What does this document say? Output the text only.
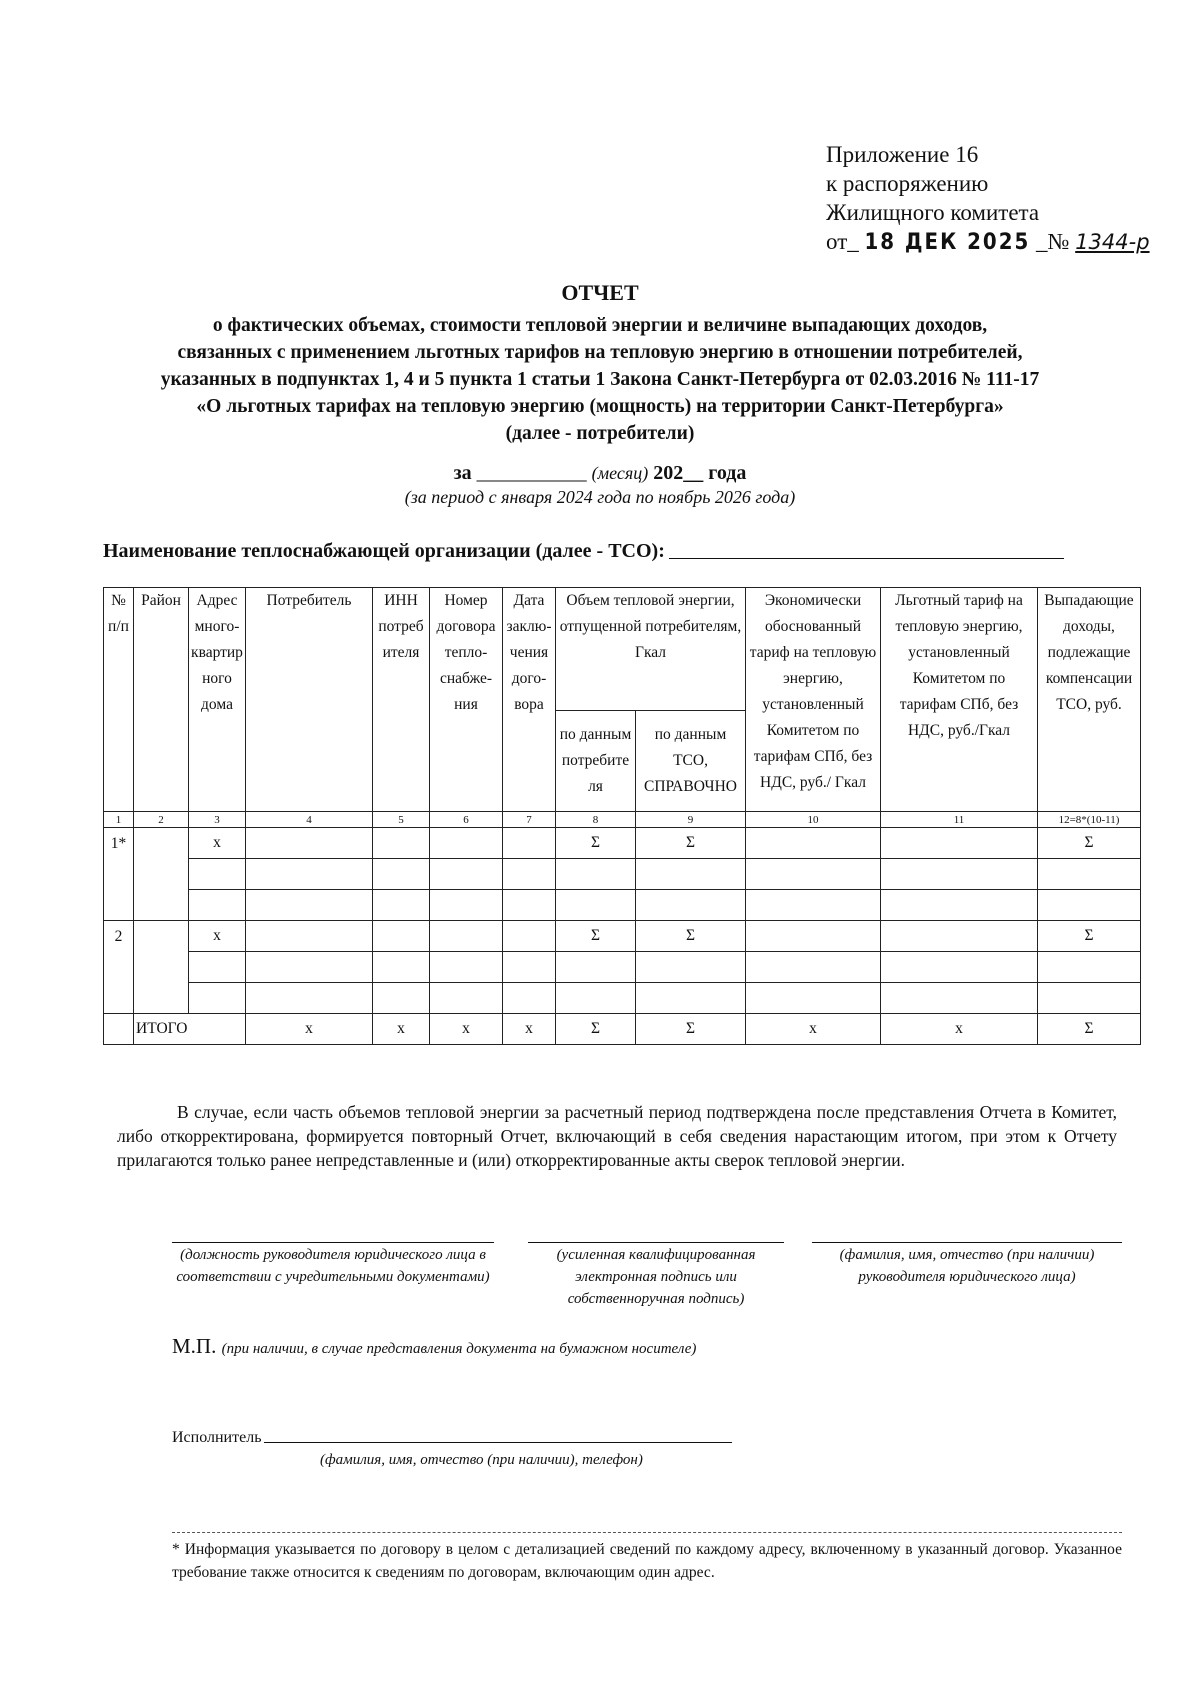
Приложение 16
к распоряжению
Жилищного комитета
от_ 18 ДЕК 2025 _№ 1344-р
ОТЧЕТ
о фактических объемах, стоимости тепловой энергии и величине выпадающих доходов,
связанных с применением льготных тарифов на тепловую энергию в отношении потребителей,
указанных в подпунктах 1, 4 и 5 пункта 1 статьи 1 Закона Санкт-Петербурга от 02.03.2016 № 111-17
«О льготных тарифах на тепловую энергию (мощность) на территории Санкт-Петербурга»
(далее - потребители)
за ___________ (месяц) 202__ года
(за период с января 2024 года по ноябрь 2026 года)
Наименование теплоснабжающей организации (далее - ТСО):
№ п/п	Район	Адрес много-квартир ного дома	Потребитель	ИНН потреб ителя	Номер договора тепло-снабже-ния	Дата заклю-чения дого-вора	Объем тепловой энергии, отпущенной потребителям, Гкал		Экономически обоснованный тариф на тепловую энергию, установленный Комитетом по тарифам СПб, без НДС, руб./ Гкал	Льготный тариф на тепловую энергию, установленный Комитетом по тарифам СПб, без НДС, руб./Гкал	Выпадающие доходы, подлежащие компенсации ТСО, руб.
							по данным потребите ля	по данным ТСО, СПРАВОЧНО			
1	2	3	4	5	6	7	8	9	10	11	12=8*(10-11)
1*		х					Σ	Σ			Σ

2		х					Σ	Σ			Σ

	ИТОГО		х	х	х	х	Σ	Σ	х	х	Σ

В случае, если часть объемов тепловой энергии за расчетный период подтверждена после представления Отчета в Комитет, либо откорректирована, формируется повторный Отчет, включающий в себя сведения нарастающим итогом, при этом к Отчету прилагаются только ранее непредставленные и (или) откорректированные акты сверок тепловой энергии.

(должность руководителя юридического лица в соответствии с учредительными документами)
(усиленная квалифицированная электронная подпись или собственноручная подпись)
(фамилия, имя, отчество (при наличии) руководителя юридического лица)
М.П. (при наличии, в случае представления документа на бумажном носителе)
Исполнитель
(фамилия, имя, отчество (при наличии), телефон)
* Информация указывается по договору в целом с детализацией сведений по каждому адресу, включенному в указанный договор. Указанное требование также относится к сведениям по договорам, включающим один адрес.
